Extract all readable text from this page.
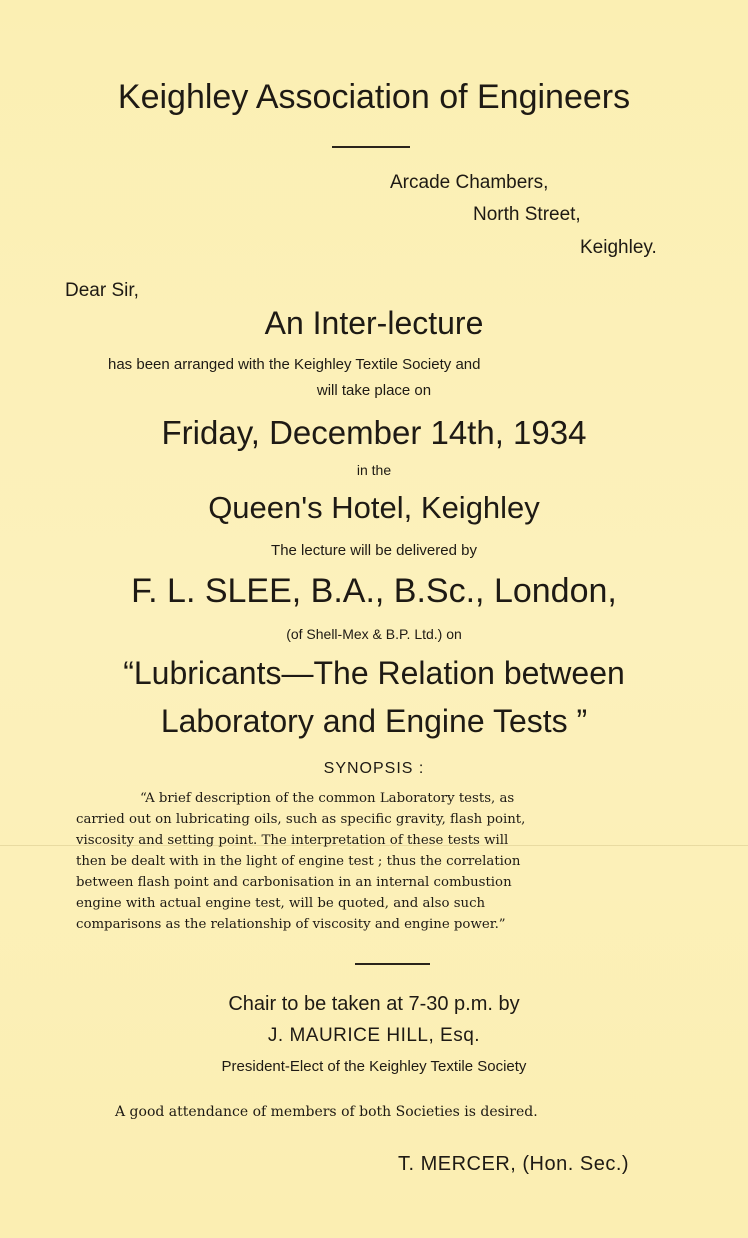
Keighley Association of Engineers
Arcade Chambers,
North Street,
Keighley.
Dear Sir,
An Inter-lecture
has been arranged with the Keighley Textile Society and
will take place on
Friday, December 14th, 1934
in the
Queen's Hotel, Keighley
The lecture will be delivered by
F. L. SLEE, B.A., B.Sc., London,
(of Shell-Mex & B.P. Ltd.) on
“Lubricants—The Relation between
Laboratory and Engine Tests ”
SYNOPSIS :
“A brief description of the common Laboratory tests, as
carried out on lubricating oils, such as specific gravity, flash point,
viscosity and setting point. The interpretation of these tests will
then be dealt with in the light of engine test ; thus the correlation
between flash point and carbonisation in an internal combustion
engine with actual engine test, will be quoted, and also such
comparisons as the relationship of viscosity and engine power.”
Chair to be taken at 7-30 p.m. by
J. MAURICE HILL, Esq.
President-Elect of the Keighley Textile Society
A good attendance of members of both Societies is desired.
T. MERCER, (Hon. Sec.)
